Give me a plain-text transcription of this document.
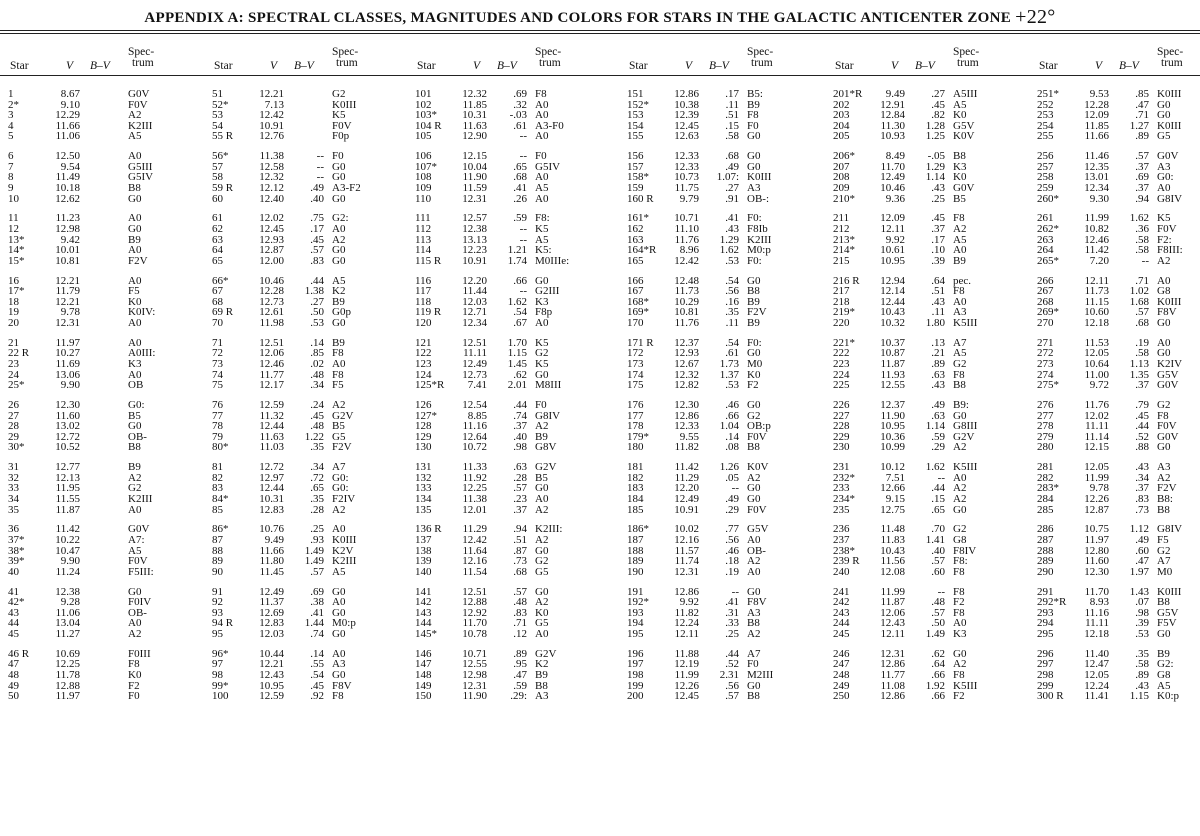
APPENDIX A: SPECTRAL CLASSES, MAGNITUDES AND COLORS FOR STARS IN THE GALACTIC ANTICENTER ZONE +22°
Star	V B–V
Spec-
trum
1	8.67	G0V
2*	9.10	F0V
3	12.29	A2
4	11.66	K2III
5	11.06	A5
6	12.50	A0
7	9.54	G5III
8	11.49	G5IV
9	10.18	B8
10	12.62	G0
11	11.23	A0
12	12.98	G0
13*	9.42	B9
14*	10.01	A0
15*	10.81	F2V
16	12.21	A0
17*	11.79	F5
18	12.21	K0
19	9.78	K0IV:
20	12.31	A0
21	11.97	A0
22 R	10.27	A0III:
23	11.69	K3
24	13.06	A0
25*	9.90	OB
26	12.30	G0:
27	11.60	B5
28	13.02	G0
29	12.72	OB-
30*	10.52	B8
31	12.77	B9
32	12.13	A2
33	11.95	G2
34	11.55	K2III
35	11.87	A0
36	11.42	G0V
37*	10.22	A7:
38*	10.47	A5
39*	9.90	F0V
40	11.24	F5III:
41	12.38	G0
42*	9.28	F0IV
43	11.06	OB-
44	13.04	A0
45	11.27	A2
46 R	10.69	F0III
47	12.25	F8
48	11.78	K0
49	12.88	F2
50	11.97	F0
Star	V B–V
Spec-
trum
51	12.21	G2
52*	7.13	K0III
53	12.42	K5
54	10.91	F0V
55 R	12.76	F0p
56*	11.38	-- F0
57	12.58	-- G0
58	12.32	-- G0
59 R	12.12	.49 A3-F2
60	12.40	.40 G0
61	12.02	.75 G2:
62	12.45	.17 A0
63	12.93	.45 A2
64	12.87	.57 G0
65	12.00	.83 G0
66*	10.46	.44 A5
67	12.28	1.38 K2
68	12.73	.27 B9
69 R	12.61	.50 G0p
70	11.98	.53 G0
71	12.51	.14 B9
72	12.06	.85 F8
73	12.46	.02 A0
74	11.77	.48 F8
75	12.17	.34 F5
76	12.59	.24 A2
77	11.32	.45 G2V
78	12.44	.48 B5
79	11.63	1.22 G5
80*	11.03	.35 F2V
81	12.72	.34 A7
82	12.97	.72 G0:
83	12.44	.65 G0:
84*	10.31	.35 F2IV
85	12.83	.28 A2
86*	10.76	.25 A0
87	9.49	.93 K0III
88	11.66	1.49 K2V
89	11.80	1.49 K2III
90	11.45	.57 A5
91	12.49	.69 G0
92	11.37	.38 A0
93	12.69	.41 G0
94 R	12.83	1.44 M0:p
95	12.03	.74 G0
96*	10.44	.14 A0
97	12.21	.55 A3
98	12.43	.54 G0
99*	10.95	.45 F8V
100	12.59	.92 F8
Star	V B–V
Spec-
trum
101	12.32	.69 F8
102	11.85	.32 A0
103*	10.31	-.03 A0
104 R	11.63	.61 A3-F0
105	12.90	-- A0
106	12.15	-- F0
107*	10.04	.65 G5IV
108	11.90	.68 A0
109	11.59	.41 A5
110	12.31	.26 A0
111	12.57	.59 F8:
112	12.38	-- K5
113	13.13	-- A5
114	12.23	1.21 K5:
115 R	10.91	1.74 M0IIIe:
116	12.20	.66 G0
117	11.44	-- G2III
118	12.03	1.62 K3
119 R	12.71	.54 F8p
120	12.34	.67 A0
121	12.51	1.70 K5
122	11.11	1.15 G2
123	12.49	1.45 K5
124	12.73	.62 G0
125*R	7.41	2.01 M8III
126	12.54	.44 F0
127*	8.85	.74 G8IV
128	11.16	.37 A2
129	12.64	.40 B9
130	10.72	.98 G8V
131	11.33	.63 G2V
132	11.92	.28 B5
133	12.25	.57 G0
134	11.38	.23 A0
135	12.01	.37 A2
136 R	11.29	.94 K2III:
137	12.42	.51 A2
138	11.64	.87 G0
139	12.16	.73 G2
140	11.54	.68 G5
141	12.51	.57 G0
142	12.88	.48 A2
143	12.92	.83 K0
144	11.70	.71 G5
145*	10.78	.12 A0
146	10.71	.89 G2V
147	12.55	.95 K2
148	12.98	.47 B9
149	12.31	.59 B8
150	11.90	.29: A3
Star	V B–V
Spec-
trum
151	12.86	.17 B5:
152*	10.38	.11 B9
153	12.39	.51 F8
154	12.45	.15 F0
155	12.63	.58 G0
156	12.33	.68 G0
157	12.33	.49 G0
158*	10.73	1.07: K0III
159	11.75	.27 A3
160 R	9.79	.91 OB-:
161*	10.71	.41 F0:
162	11.10	.43 F8Ib
163	11.76	1.29 K2III
164*R	8.96	1.62 M0:p
165	12.42	.53 F0:
166	12.48	.54 G0
167	11.73	.56 B8
168*	10.29	.16 B9
169*	10.81	.35 F2V
170	11.76	.11 B9
171 R	12.37	.54 F0:
172	12.93	.61 G0
173	12.67	1.73 M0
174	12.32	1.37 K0
175	12.82	.53 F2
176	12.30	.46 G0
177	12.86	.66 G2
178	12.33	1.04 OB:p
179*	9.55	.14 F0V
180	11.82	.08 B8
181	11.42	1.26 K0V
182	11.29	.05 A2
183	12.20	-- G0
184	12.49	.49 G0
185	10.91	.29 F0V
186*	10.02	.77 G5V
187	12.16	.56 A0
188	11.57	.46 OB-
189	11.74	.18 A2
190	12.31	.19 A0
191	12.86	-- G0
192*	9.92	.41 F8V
193	11.82	.31 A3
194	12.24	.33 B8
195	12.11	.25 A2
196	11.88	.44 A7
197	12.19	.52 F0
198	11.99	2.31 M2III
199	12.26	.56 G0
200	12.45	.57 B8
Star	V B–V
Spec-
trum
201*R	9.49	.27 A5III
202	12.91	.45 A5
203	12.84	.82 K0
204	11.30	1.28 G5V
205	10.93	1.25 K0V
206*	8.49	-.05 B8
207	11.70	1.29 K3
208	12.49	1.14 K0
209	10.46	.43 G0V
210*	9.36	.25 B5
211	12.09	.45 F8
212	12.11	.37 A2
213*	9.92	.17 A5
214*	10.61	.10 A0
215	10.95	.39 B9
216 R	12.94	.64 pec.
217	12.14	.51 F8
218	12.44	.43 A0
219*	10.43	.11 A3
220	10.32	1.80 K5III
221*	10.37	.13 A7
222	10.87	.21 A5
223	11.87	.89 G2
224	11.93	.63 F8
225	12.55	.43 B8
226	12.37	.49 B9:
227	11.90	.63 G0
228	10.95	1.14 G8III
229	10.36	.59 G2V
230	10.99	.29 A2
231	10.12	1.62 K5III
232*	7.51	-- A0
233	12.66	.44 A2
234*	9.15	.15 A2
235	12.75	.65 G0
236	11.48	.70 G2
237	11.83	1.41 G8
238*	10.43	.40 F8IV
239 R	11.56	.57 F8:
240	12.08	.60 F8
241	11.99	-- F8
242	11.87	.48 F2
243	12.06	.57 F8
244	12.43	.50 A0
245	12.11	1.49 K3
246	12.31	.62 G0
247	12.86	.64 A2
248	11.77	.66 F8
249	11.08	1.92 K5III
250	12.86	.66 F2
Star	V B–V
Spec-
trum
251*	9.53	.85 K0III
252	12.28	.47 G0
253	12.09	.71 G0
254	11.85	1.27 K0III
255	11.66	.89 G5
256	11.46	.57 G0V
257	12.35	.37 A3
258	13.01	.69 G0:
259	12.34	.37 A0
260*	9.30	.94 G8IV
261	11.99	1.62 K5
262*	10.82	.36 F0V
263	12.46	.58 F2:
264	11.42	.58 F8III:
265*	7.20	-- A2
266	12.11	.71 A0
267	11.73	1.02 G8
268	11.15	1.68 K0III
269*	10.60	.57 F8V
270	12.18	.68 G0
271	11.53	.19 A0
272	12.05	.58 G0
273	10.64	1.13 K2IV
274	11.00	1.35 G5V
275*	9.72	.37 G0V
276	11.76	.79 G2
277	12.02	.45 F8
278	11.11	.44 F0V
279	11.14	.52 G0V
280	12.15	.88 G0
281	12.05	.43 A3
282	11.99	.34 A2
283*	9.78	.37 F2V
284	12.26	.83 B8:
285	12.87	.73 B8
286	10.75	1.12 G8IV
287	11.97	.49 F5
288	12.80	.60 G2
289	11.60	.47 A7
290	12.30	1.97 M0
291	11.70	1.43 K0III
292*R	8.93	.07 B8
293	11.16	.98 G5V
294	11.11	.39 F5V
295	12.18	.53 G0
296	11.40	.35 B9
297	12.47	.58 G2:
298	12.05	.89 G8
299	12.24	.43 A5
300 R	11.41	1.15 K0:p
